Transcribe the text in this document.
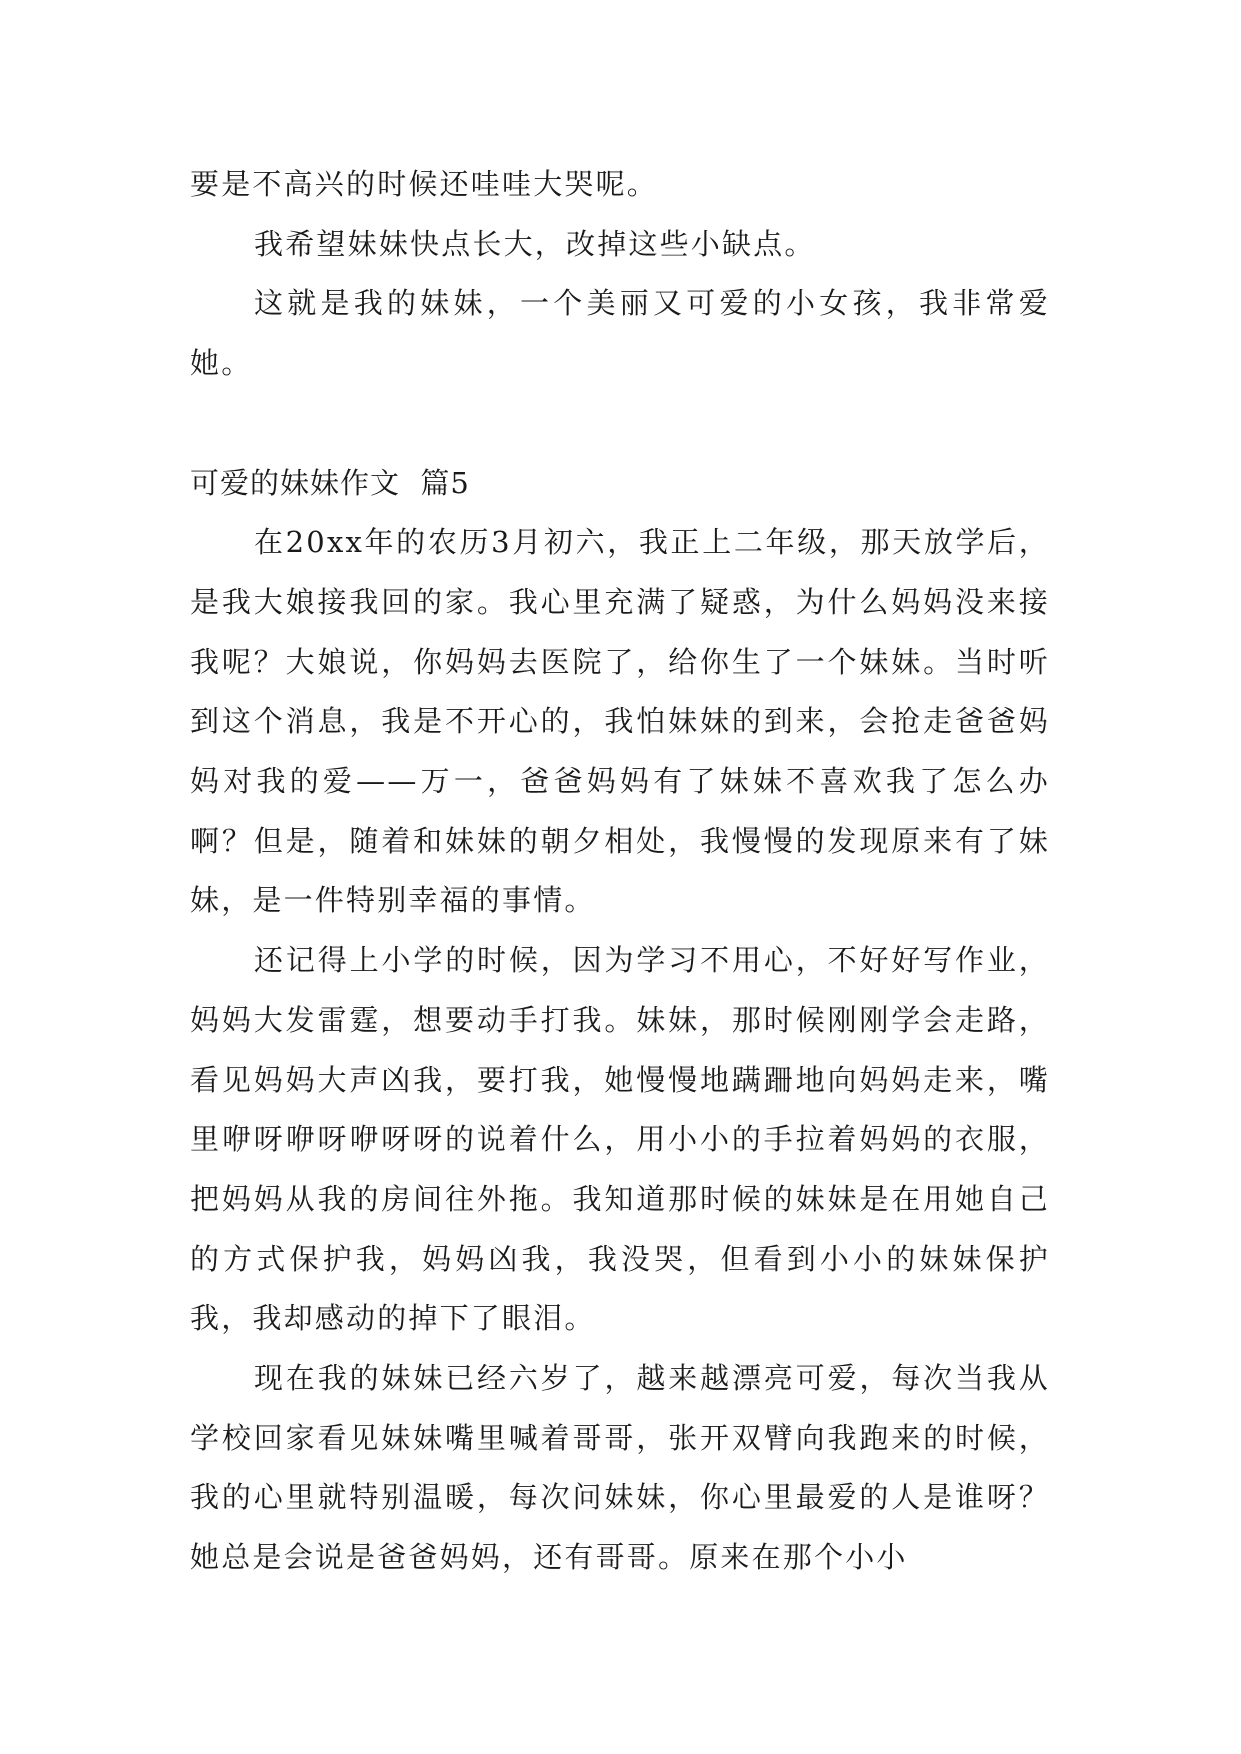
要是不高兴的时候还哇哇大哭呢。

我希望妹妹快点长大，改掉这些小缺点。

这就是我的妹妹，一个美丽又可爱的小女孩，我非常爱她。

可爱的妹妹作文  篇5

在20xx年的农历3月初六，我正上二年级，那天放学后，是我大娘接我回的家。我心里充满了疑惑，为什么妈妈没来接我呢？大娘说，你妈妈去医院了，给你生了一个妹妹。当时听到这个消息，我是不开心的，我怕妹妹的到来，会抢走爸爸妈妈对我的爱——万一，爸爸妈妈有了妹妹不喜欢我了怎么办啊？但是，随着和妹妹的朝夕相处，我慢慢的发现原来有了妹妹，是一件特别幸福的事情。

还记得上小学的时候，因为学习不用心，不好好写作业，妈妈大发雷霆，想要动手打我。妹妹，那时候刚刚学会走路，看见妈妈大声凶我，要打我，她慢慢地蹒跚地向妈妈走来，嘴里咿呀咿呀咿呀呀的说着什么，用小小的手拉着妈妈的衣服，把妈妈从我的房间往外拖。我知道那时候的妹妹是在用她自己的方式保护我，妈妈凶我，我没哭，但看到小小的妹妹保护我，我却感动的掉下了眼泪。

现在我的妹妹已经六岁了，越来越漂亮可爱，每次当我从学校回家看见妹妹嘴里喊着哥哥，张开双臂向我跑来的时候，我的心里就特别温暖，每次问妹妹，你心里最爱的人是谁呀？她总是会说是爸爸妈妈，还有哥哥。原来在那个小小
